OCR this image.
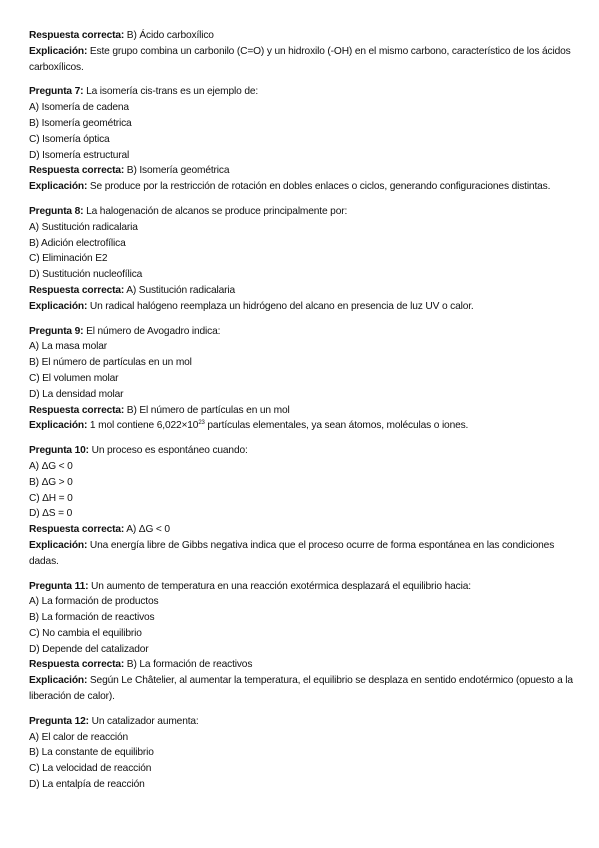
Respuesta correcta: B) Ácido carboxílico
Explicación: Este grupo combina un carbonilo (C=O) y un hidroxilo (-OH) en el mismo carbono, característico de los ácidos carboxílicos.
Pregunta 7: La isomería cis-trans es un ejemplo de:
A) Isomería de cadena
B) Isomería geométrica
C) Isomería óptica
D) Isomería estructural
Respuesta correcta: B) Isomería geométrica
Explicación: Se produce por la restricción de rotación en dobles enlaces o ciclos, generando configuraciones distintas.
Pregunta 8: La halogenación de alcanos se produce principalmente por:
A) Sustitución radicalaria
B) Adición electrofílica
C) Eliminación E2
D) Sustitución nucleofílica
Respuesta correcta: A) Sustitución radicalaria
Explicación: Un radical halógeno reemplaza un hidrógeno del alcano en presencia de luz UV o calor.
Pregunta 9: El número de Avogadro indica:
A) La masa molar
B) El número de partículas en un mol
C) El volumen molar
D) La densidad molar
Respuesta correcta: B) El número de partículas en un mol
Explicación: 1 mol contiene $6,022\times 10^{23}$ partículas elementales, ya sean átomos, moléculas o iones.
Pregunta 10: Un proceso es espontáneo cuando:
A) ΔG < 0
B) ΔG > 0
C) ΔH = 0
D) ΔS = 0
Respuesta correcta: A) ΔG < 0
Explicación: Una energía libre de Gibbs negativa indica que el proceso ocurre de forma espontánea en las condiciones dadas.
Pregunta 11: Un aumento de temperatura en una reacción exotérmica desplazará el equilibrio hacia:
A) La formación de productos
B) La formación de reactivos
C) No cambia el equilibrio
D) Depende del catalizador
Respuesta correcta: B) La formación de reactivos
Explicación: Según Le Châtelier, al aumentar la temperatura, el equilibrio se desplaza en sentido endotérmico (opuesto a la liberación de calor).
Pregunta 12: Un catalizador aumenta:
A) El calor de reacción
B) La constante de equilibrio
C) La velocidad de reacción
D) La entalpía de reacción
